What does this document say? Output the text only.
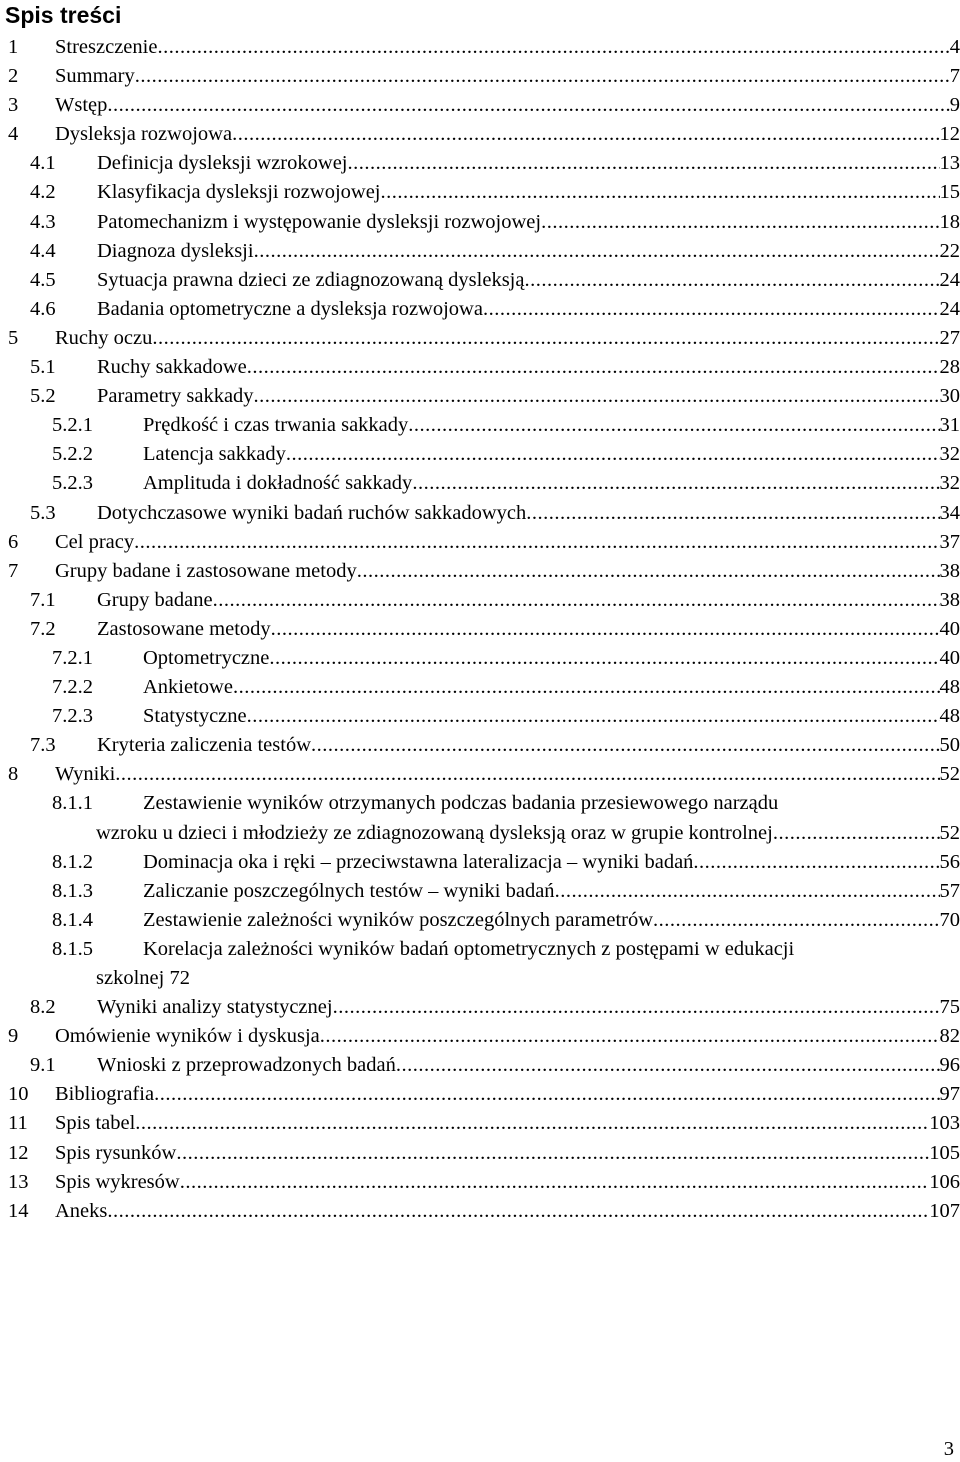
Spis treści
1 Streszczenie .....	4
2 Summary .....	7
3 Wstęp .....	9
4 Dysleksja rozwojowa .....	12
4.1 Definicja dysleksji wzrokowej .....	13
4.2 Klasyfikacja dysleksji rozwojowej .....	15
4.3 Patomechanizm i występowanie dysleksji rozwojowej .....	18
4.4 Diagnoza dysleksji .....	22
4.5 Sytuacja prawna dzieci ze zdiagnozowaną dysleksją .....	24
4.6 Badania optometryczne a dysleksja rozwojowa .....	24
5 Ruchy oczu .....	27
5.1 Ruchy sakkadowe .....	28
5.2 Parametry sakkady .....	30
5.2.1 Prędkość i czas trwania sakkady .....	31
5.2.2 Latencja sakkady .....	32
5.2.3 Amplituda i dokładność sakkady .....	32
5.3 Dotychczasowe wyniki badań ruchów sakkadowych .....	34
6 Cel pracy .....	37
7 Grupy badane i zastosowane metody .....	38
7.1 Grupy badane .....	38
7.2 Zastosowane metody .....	40
7.2.1 Optometryczne .....	40
7.2.2 Ankietowe .....	48
7.2.3 Statystyczne .....	48
7.3 Kryteria zaliczenia testów .....	50
8 Wyniki .....	52
8.1.1 Zestawienie wyników otrzymanych podczas badania przesiewowego narządu
wzroku u dzieci i młodzieży ze zdiagnozowaną dysleksją oraz w grupie kontrolnej .....	52
8.1.2 Dominacja oka i ręki – przeciwstawna lateralizacja – wyniki badań .....	56
8.1.3 Zaliczanie poszczególnych testów – wyniki badań .....	57
8.1.4 Zestawienie zależności wyników poszczególnych parametrów .....	70
8.1.5 Korelacja zależności wyników badań optometrycznych z postępami w edukacji
szkolnej 72
8.2 Wyniki analizy statystycznej .....	75
9 Omówienie wyników i dyskusja .....	82
9.1 Wnioski z przeprowadzonych badań .....	96
10 Bibliografia .....	97
11 Spis tabel .....	103
12 Spis rysunków .....	105
13 Spis wykresów .....	106
14 Aneks .....	107
3
